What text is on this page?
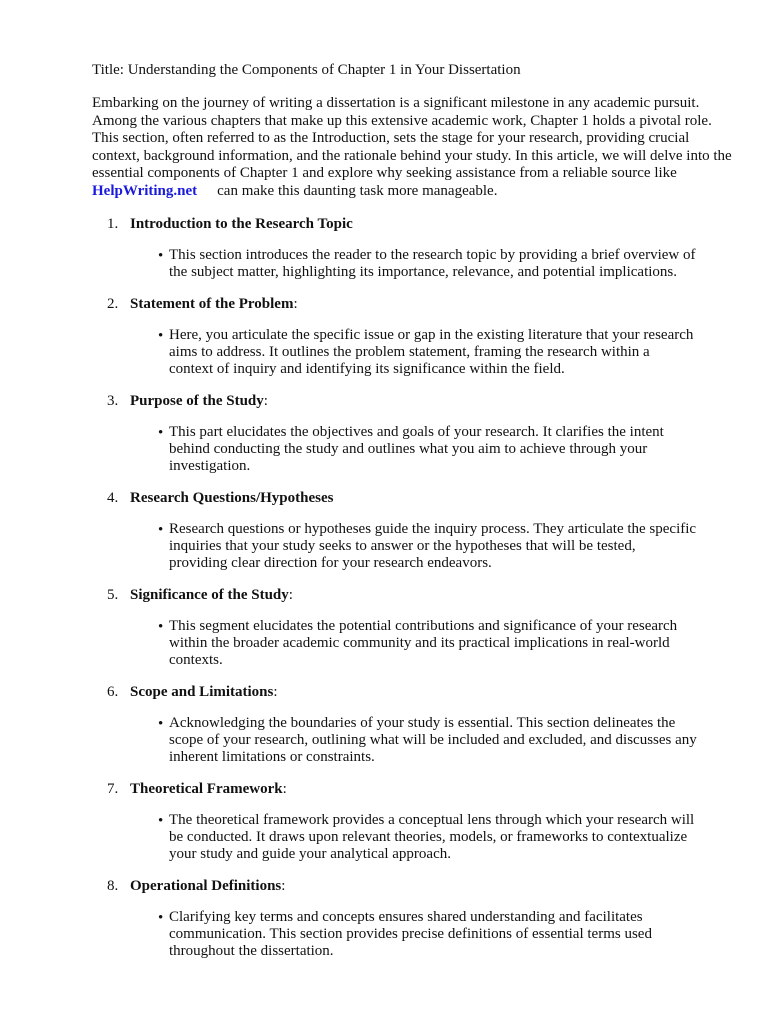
Title: Understanding the Components of Chapter 1 in Your Dissertation

Embarking on the journey of writing a dissertation is a significant milestone in any academic pursuit. Among the various chapters that make up this extensive academic work, Chapter 1 holds a pivotal role. This section, often referred to as the Introduction, sets the stage for your research, providing crucial context, background information, and the rationale behind your study. In this article, we will delve into the essential components of Chapter 1 and explore why seeking assistance from a reliable source likeHelpWriting.net can make this daunting task more manageable.

1. Introduction to the Research Topic
• This section introduces the reader to the research topic by providing a brief overview of the subject matter, highlighting its importance, relevance, and potential implications.
2. Statement of the Problem:
• Here, you articulate the specific issue or gap in the existing literature that your research aims to address. It outlines the problem statement, framing the research within a context of inquiry and identifying its significance within the field.
3. Purpose of the Study:
• This part elucidates the objectives and goals of your research. It clarifies the intent behind conducting the study and outlines what you aim to achieve through your investigation.
4. Research Questions/Hypotheses
• Research questions or hypotheses guide the inquiry process. They articulate the specific inquiries that your study seeks to answer or the hypotheses that will be tested, providing clear direction for your research endeavors.
5. Significance of the Study:
• This segment elucidates the potential contributions and significance of your research within the broader academic community and its practical implications in real-world contexts.
6. Scope and Limitations:
• Acknowledging the boundaries of your study is essential. This section delineates the scope of your research, outlining what will be included and excluded, and discusses any inherent limitations or constraints.
7. Theoretical Framework:
• The theoretical framework provides a conceptual lens through which your research will be conducted. It draws upon relevant theories, models, or frameworks to contextualize your study and guide your analytical approach.
8. Operational Definitions:
• Clarifying key terms and concepts ensures shared understanding and facilitates communication. This section provides precise definitions of essential terms used throughout the dissertation.
